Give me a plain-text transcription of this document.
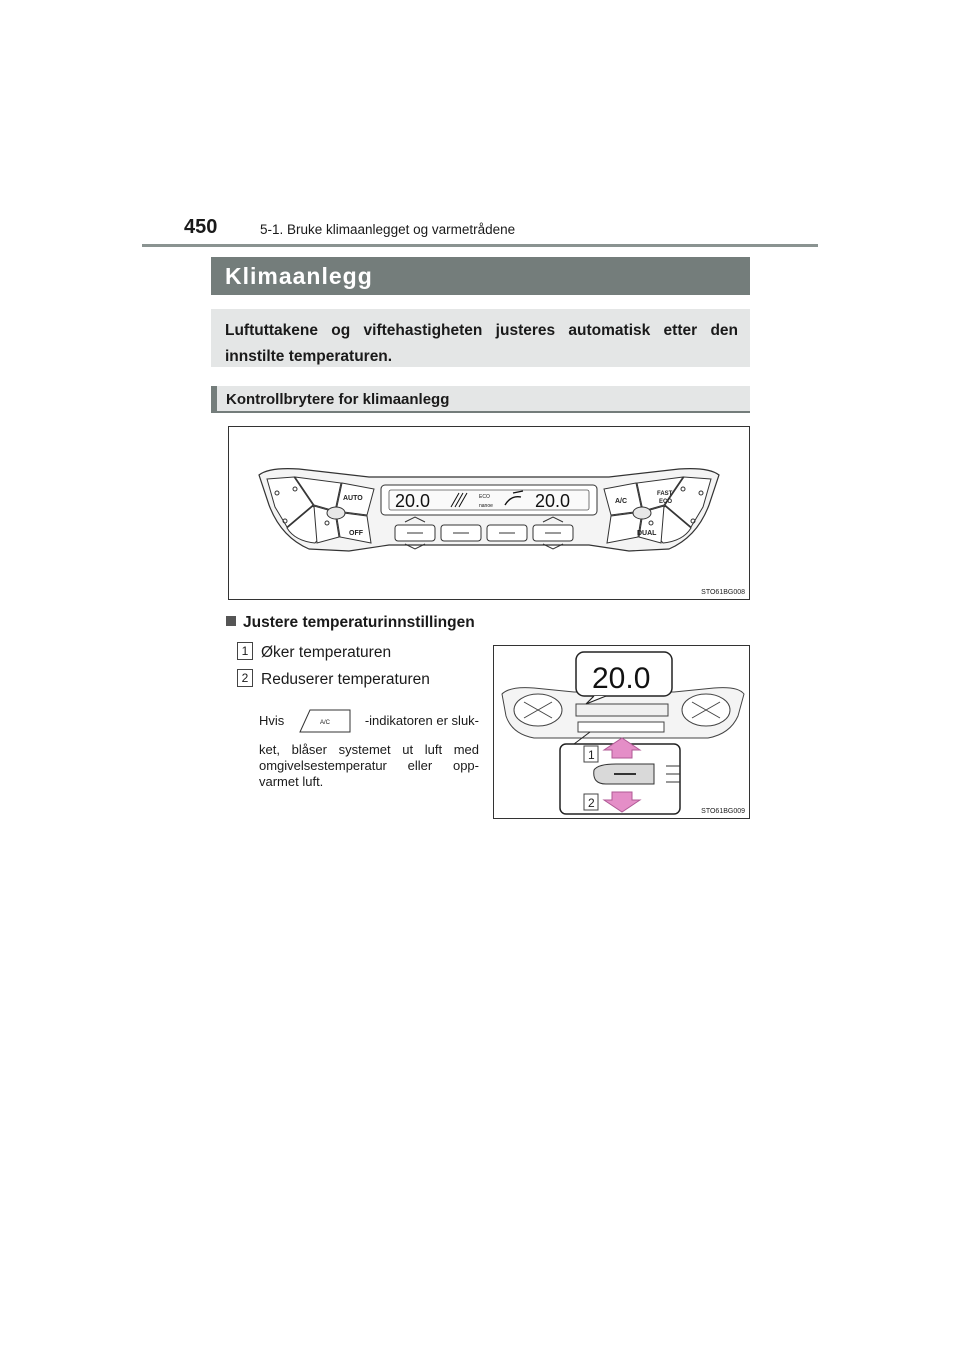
450	5-1. Bruke klimaanlegget og varmetrådene
Klimaanlegg
Luftuttakene og viftehastigheten justeres automatisk etter den innstilte temperaturen.
Kontrollbrytere for klimaanlegg
AUTO
OFF
20.0	ECO
nanoe 20.0	A/C
FAST
ECO
DUAL
STO61BG008
Justere temperaturinnstillingen
1 Øker temperaturen
2 Reduserer temperaturen
Hvis	A/C	-indikatoren er sluk-
ket, blåser systemet ut luft med omgivelsestemperatur eller opp-varmet luft.
20.0
1
2
STO61BG009
